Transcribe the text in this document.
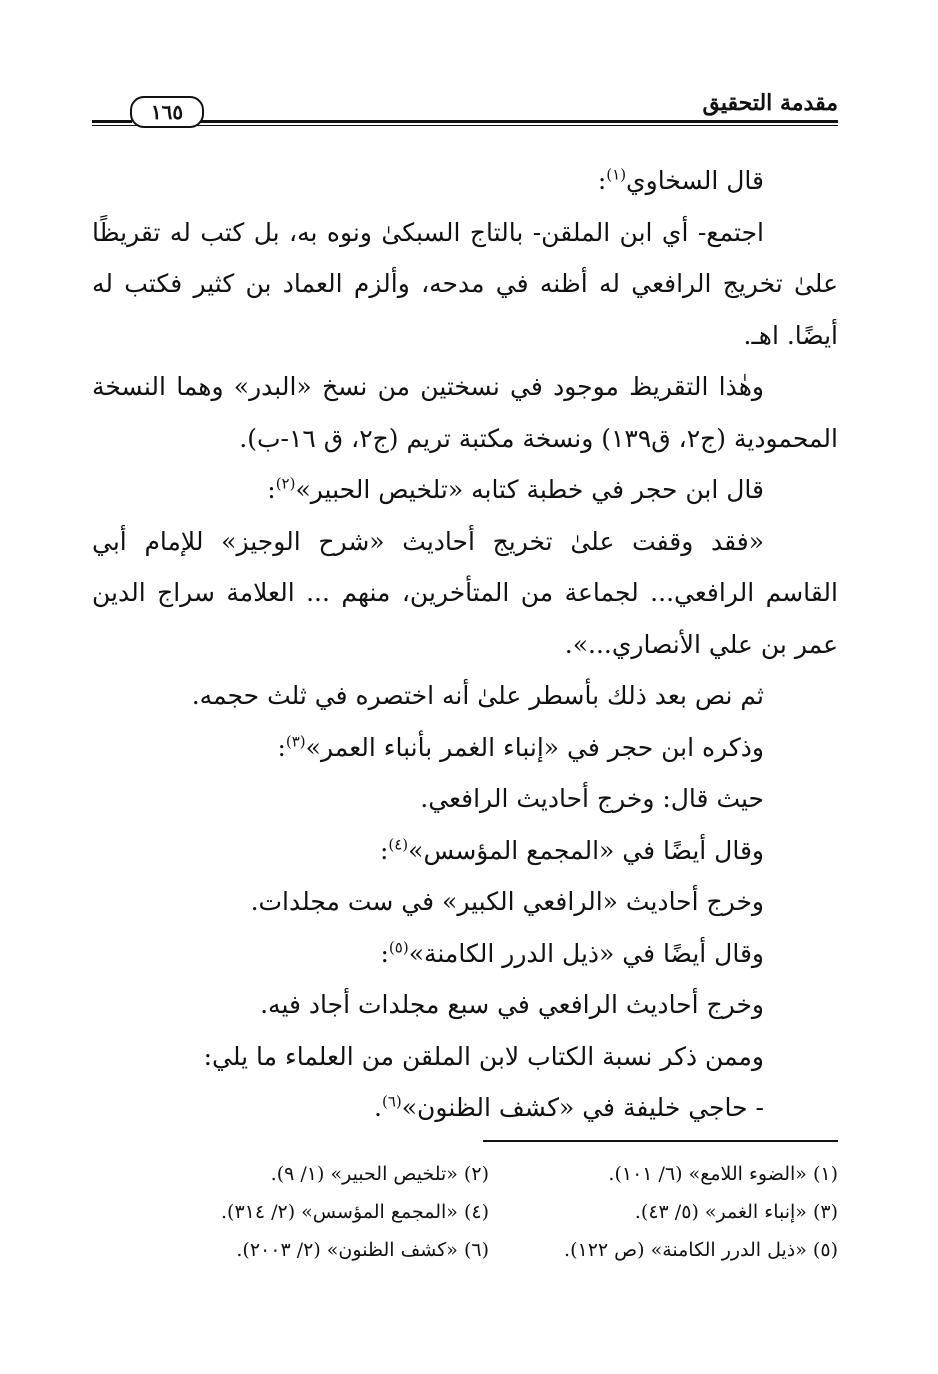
مقدمة التحقيق
١٦٥

قال السخاوي$^{(١)}$:

اجتمع- أي ابن الملقن- بالتاج السبكىٰ ونوه به، بل كتب له تقريظًا علىٰ تخريج الرافعي له أظنه في مدحه، وألزم العماد بن كثير فكتب له أيضًا. اهـ.

وهٰذا التقريظ موجود في نسختين من نسخ «البدر» وهما النسخة المحمودية (ج٢، ق١٣٩) ونسخة مكتبة تريم (ج٢، ق ١٦-ب).

قال ابن حجر في خطبة كتابه «تلخيص الحبير»$^{(٢)}$:

«فقد وقفت علىٰ تخريج أحاديث «شرح الوجيز» للإمام أبي القاسم الرافعي... لجماعة من المتأخرين، منهم ... العلامة سراج الدين عمر بن علي الأنصاري...».

ثم نص بعد ذلك بأسطر علىٰ أنه اختصره في ثلث حجمه.

وذكره ابن حجر في «إنباء الغمر بأنباء العمر»$^{(٣)}$:

حيث قال: وخرج أحاديث الرافعي.

وقال أيضًا في «المجمع المؤسس»$^{(٤)}$:

وخرج أحاديث «الرافعي الكبير» في ست مجلدات.

وقال أيضًا في «ذيل الدرر الكامنة»$^{(٥)}$:

وخرج أحاديث الرافعي في سبع مجلدات أجاد فيه.

وممن ذكر نسبة الكتاب لابن الملقن من العلماء ما يلي:

- حاجي خليفة في «كشف الظنون»$^{(٦)}$.

(١) «الضوء اللامع» (٦/ ١٠١).
(٢) «تلخيص الحبير» (١/ ٩).
(٣) «إنباء الغمر» (٥/ ٤٣).
(٤) «المجمع المؤسس» (٢/ ٣١٤).
(٥) «ذيل الدرر الكامنة» (ص ١٢٢).
(٦) «كشف الظنون» (٢/ ٢٠٠٣).
